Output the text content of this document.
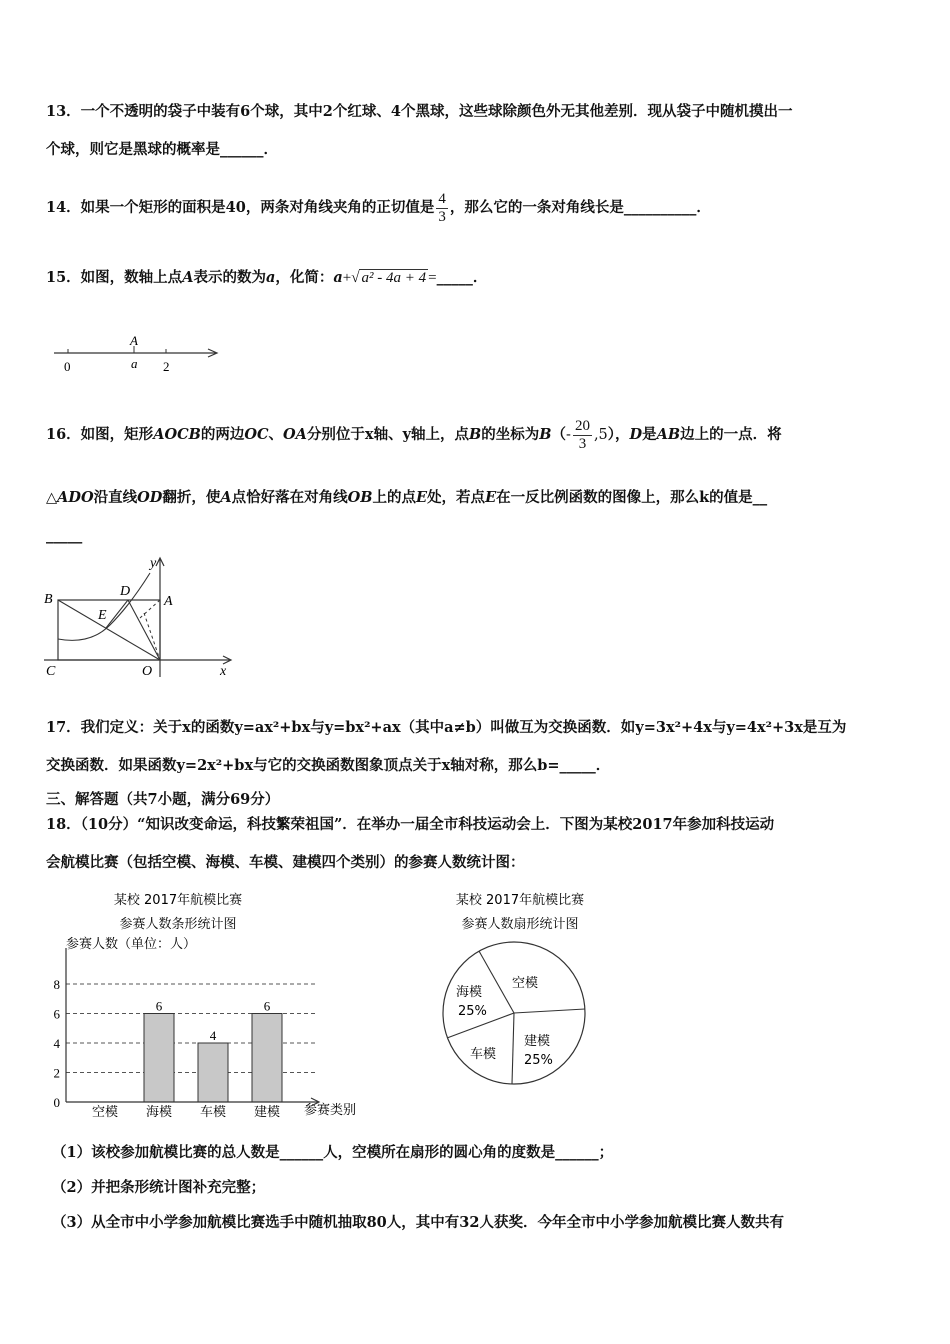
13．一个不透明的袋子中装有6个球，其中2个红球、4个黑球，这些球除颜色外无其他差别．现从袋子中随机摸出一
个球，则它是黑球的概率是______．
14．如果一个矩形的面积是40，两条对角线夹角的正切值是 $\frac{4}{3}$ ，那么它的一条对角线长是__________．
15．如图，数轴上点A表示的数为a，化简：a+√ a² - 4a + 4 =_____．
A
0	a 2
16．如图，矩形AOCB的两边OC、OA分别位于x轴、y轴上，点B的坐标为$B(- \frac{20}{3} ,5)$，D是AB边上的一点．将
△ADO沿直线OD翻折，使A点恰好落在对角线OB上的点E处，若点E在一反比例函数的图像上，那么k的值是__
_____
B
D
y
A
E
C	O	x
17．我们定义：关于x的函数y=ax²+bx与y=bx²+ax（其中a≠b）叫做互为交换函数．如y=3x²+4x与y=4x²+3x是互为
交换函数．如果函数y=2x²+bx与它的交换函数图象顶点关于x轴对称，那么b=_____．
三、解答题（共7小题，满分69分）
18．（10分）“知识改变命运，科技繁荣祖国”．在举办一届全市科技运动会上．下图为某校2017年参加科技运动
会航模比赛（包括空模、海模、车模、建模四个类别）的参赛人数统计图：
某校 2017年航模比赛
参赛人数条形统计图
参赛人数（单位：人）
参赛类别
0
2
4
6
8
6
4
6
空模 海模 车模 建模
某校 2017年航模比赛
参赛人数扇形统计图
空模
建模
25%
车模
海模
25%
（1）该校参加航模比赛的总人数是______人，空模所在扇形的圆心角的度数是______；
（2）并把条形统计图补充完整；
（3）从全市中小学参加航模比赛选手中随机抽取80人，其中有32人获奖．今年全市中小学参加航模比赛人数共有
